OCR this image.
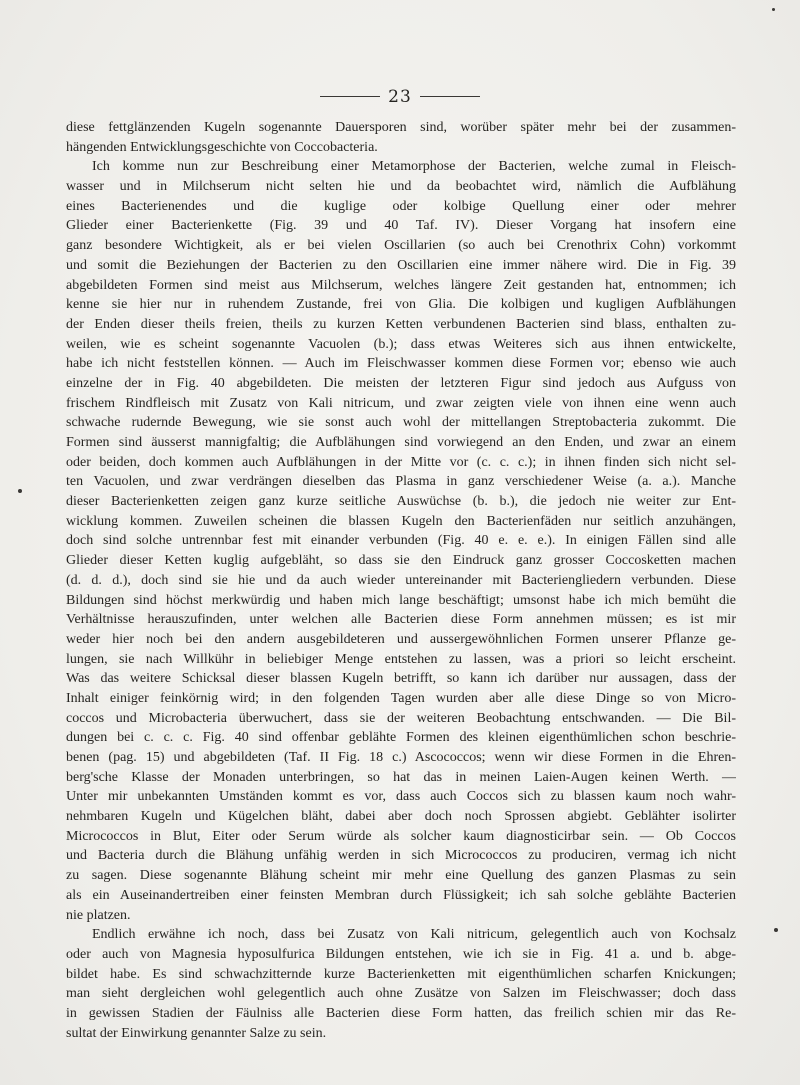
23
diese fettglänzenden Kugeln sogenannte Dauersporen sind, worüber später mehr bei der zusammen-
hängenden Entwicklungsgeschichte von Coccobacteria.
Ich komme nun zur Beschreibung einer Metamorphose der Bacterien, welche zumal in Fleisch-
wasser und in Milchserum nicht selten hie und da beobachtet wird, nämlich die Aufblähung
eines Bacterienendes und die kuglige oder kolbige Quellung einer oder mehrer
Glieder einer Bacterienkette (Fig. 39 und 40 Taf. IV). Dieser Vorgang hat insofern eine
ganz besondere Wichtigkeit, als er bei vielen Oscillarien (so auch bei Crenothrix Cohn) vorkommt
und somit die Beziehungen der Bacterien zu den Oscillarien eine immer nähere wird. Die in Fig. 39
abgebildeten Formen sind meist aus Milchserum, welches längere Zeit gestanden hat, entnommen; ich
kenne sie hier nur in ruhendem Zustande, frei von Glia. Die kolbigen und kugligen Aufblähungen
der Enden dieser theils freien, theils zu kurzen Ketten verbundenen Bacterien sind blass, enthalten zu-
weilen, wie es scheint sogenannte Vacuolen (b.); dass etwas Weiteres sich aus ihnen entwickelte,
habe ich nicht feststellen können. — Auch im Fleischwasser kommen diese Formen vor; ebenso wie auch
einzelne der in Fig. 40 abgebildeten. Die meisten der letzteren Figur sind jedoch aus Aufguss von
frischem Rindfleisch mit Zusatz von Kali nitricum, und zwar zeigten viele von ihnen eine wenn auch
schwache rudernde Bewegung, wie sie sonst auch wohl der mittellangen Streptobacteria zukommt. Die
Formen sind äusserst mannigfaltig; die Aufblähungen sind vorwiegend an den Enden, und zwar an einem
oder beiden, doch kommen auch Aufblähungen in der Mitte vor (c. c. c.); in ihnen finden sich nicht sel-
ten Vacuolen, und zwar verdrängen dieselben das Plasma in ganz verschiedener Weise (a. a.). Manche
dieser Bacterienketten zeigen ganz kurze seitliche Auswüchse (b. b.), die jedoch nie weiter zur Ent-
wicklung kommen. Zuweilen scheinen die blassen Kugeln den Bacterienfäden nur seitlich anzuhängen,
doch sind solche untrennbar fest mit einander verbunden (Fig. 40 e. e. e.). In einigen Fällen sind alle
Glieder dieser Ketten kuglig aufgebläht, so dass sie den Eindruck ganz grosser Coccosketten machen
(d. d. d.), doch sind sie hie und da auch wieder untereinander mit Bacteriengliedern verbunden. Diese
Bildungen sind höchst merkwürdig und haben mich lange beschäftigt; umsonst habe ich mich bemüht die
Verhältnisse herauszufinden, unter welchen alle Bacterien diese Form annehmen müssen; es ist mir
weder hier noch bei den andern ausgebildeteren und aussergewöhnlichen Formen unserer Pflanze ge-
lungen, sie nach Willkühr in beliebiger Menge entstehen zu lassen, was a priori so leicht erscheint.
Was das weitere Schicksal dieser blassen Kugeln betrifft, so kann ich darüber nur aussagen, dass der
Inhalt einiger feinkörnig wird; in den folgenden Tagen wurden aber alle diese Dinge so von Micro-
coccos und Microbacteria überwuchert, dass sie der weiteren Beobachtung entschwanden. — Die Bil-
dungen bei c. c. c. Fig. 40 sind offenbar geblähte Formen des kleinen eigenthümlichen schon beschrie-
benen (pag. 15) und abgebildeten (Taf. II Fig. 18 c.) Ascococcos; wenn wir diese Formen in die Ehren-
berg'sche Klasse der Monaden unterbringen, so hat das in meinen Laien-Augen keinen Werth. —
Unter mir unbekannten Umständen kommt es vor, dass auch Coccos sich zu blassen kaum noch wahr-
nehmbaren Kugeln und Kügelchen bläht, dabei aber doch noch Sprossen abgiebt. Geblähter isolirter
Micrococcos in Blut, Eiter oder Serum würde als solcher kaum diagnosticirbar sein. — Ob Coccos
und Bacteria durch die Blähung unfähig werden in sich Micrococcos zu produciren, vermag ich nicht
zu sagen. Diese sogenannte Blähung scheint mir mehr eine Quellung des ganzen Plasmas zu sein
als ein Auseinandertreiben einer feinsten Membran durch Flüssigkeit; ich sah solche geblähte Bacterien
nie platzen.
Endlich erwähne ich noch, dass bei Zusatz von Kali nitricum, gelegentlich auch von Kochsalz
oder auch von Magnesia hyposulfurica Bildungen entstehen, wie ich sie in Fig. 41 a. und b. abge-
bildet habe. Es sind schwachzitternde kurze Bacterienketten mit eigenthümlichen scharfen Knickungen;
man sieht dergleichen wohl gelegentlich auch ohne Zusätze von Salzen im Fleischwasser; doch dass
in gewissen Stadien der Fäulniss alle Bacterien diese Form hatten, das freilich schien mir das Re-
sultat der Einwirkung genannter Salze zu sein.
